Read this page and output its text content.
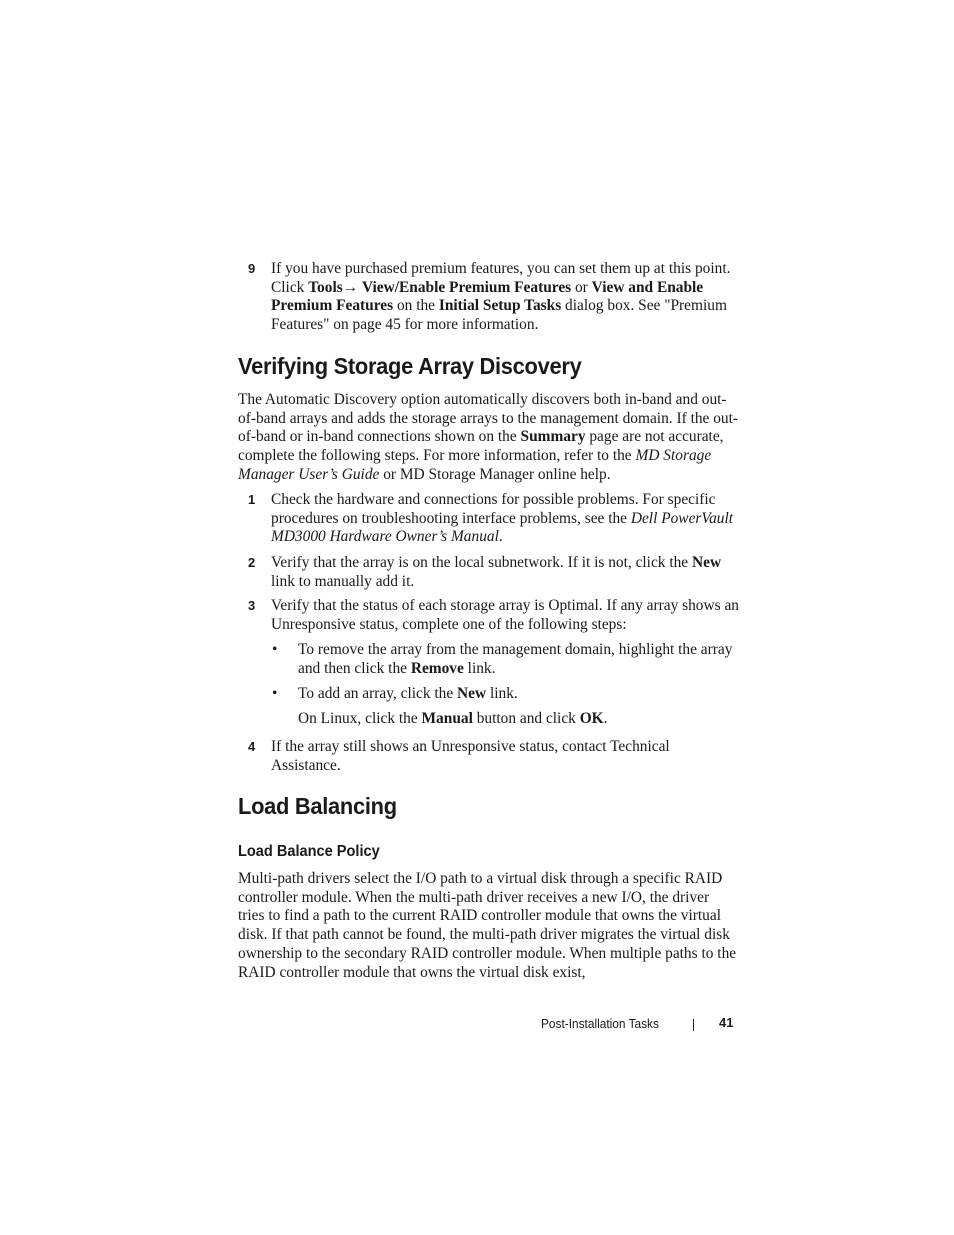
9	If you have purchased premium features, you can set them up at this point. Click Tools→ View/Enable Premium Features or View and Enable Premium Features on the Initial Setup Tasks dialog box. See "Premium Features" on page 45 for more information.

Verifying Storage Array Discovery

The Automatic Discovery option automatically discovers both in-band and out-of-band arrays and adds the storage arrays to the management domain. If the out-of-band or in-band connections shown on the Summary page are not accurate, complete the following steps. For more information, refer to the MD Storage Manager User’s Guide or MD Storage Manager online help.

1	Check the hardware and connections for possible problems. For specific procedures on troubleshooting interface problems, see the Dell PowerVault MD3000 Hardware Owner’s Manual.

2	Verify that the array is on the local subnetwork. If it is not, click the New link to manually add it.

3	Verify that the status of each storage array is Optimal. If any array shows an Unresponsive status, complete one of the following steps:

• To remove the array from the management domain, highlight the array and then click the Remove link.

• To add an array, click the New link.

On Linux, click the Manual button and click OK.

4	If the array still shows an Unresponsive status, contact Technical Assistance.

Load Balancing
Load Balance Policy

Multi-path drivers select the I/O path to a virtual disk through a specific RAID controller module. When the multi-path driver receives a new I/O, the driver tries to find a path to the current RAID controller module that owns the virtual disk. If that path cannot be found, the multi-path driver migrates the virtual disk ownership to the secondary RAID controller module. When multiple paths to the RAID controller module that owns the virtual disk exist,

Post-Installation Tasks	41
